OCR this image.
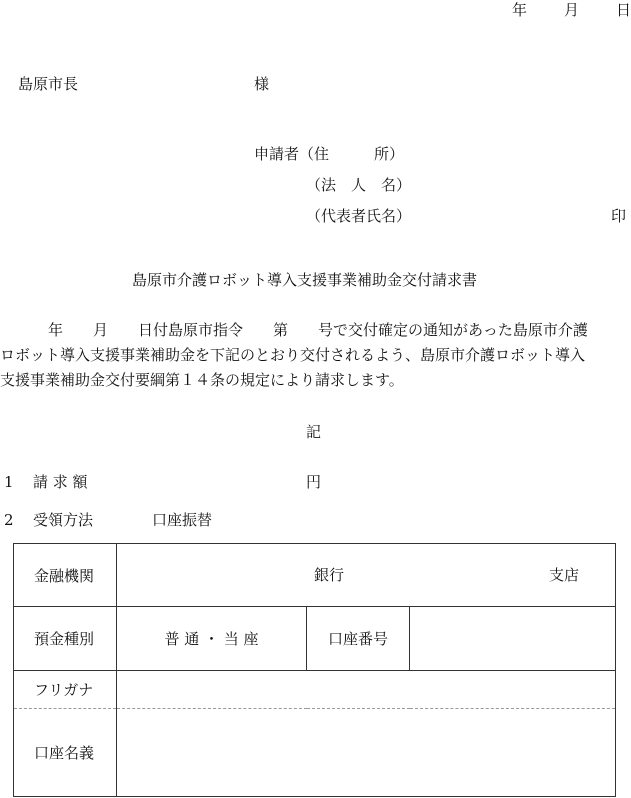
年 月 日
島原市長	様
申請者（住　　　所）
（法　人　名）
（代表者氏名）	印
島原市介護ロボット導入支援事業補助金交付請求書
年　　月　　日付島原市指令　　第　　号で交付確定の通知があった島原市介護
ロボット導入支援事業補助金を下記のとおり交付されるよう、島原市介護ロボット導入
支援事業補助金交付要綱第１４条の規定により請求します。
記
1 請 求 額	円
2 受領方法	口座振替
金融機関	銀行 支店		

預金種別	普 通 ・ 当 座	口座番号	
フリガナ			
口座名義			
